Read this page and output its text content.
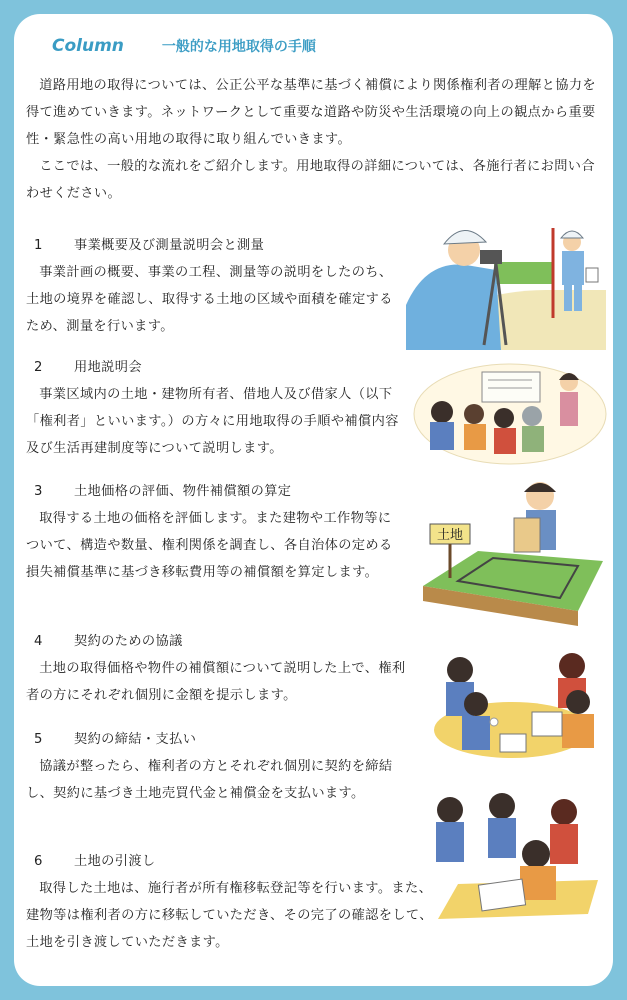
Column	一般的な用地取得の手順

道路用地の取得については、公正公平な基準に基づく補償により関係権利者の理解と協力を得て進めていきます。ネットワークとして重要な道路や防災や生活環境の向上の観点から重要性・緊急性の高い用地の取得に取り組んでいきます。

ここでは、一般的な流れをご紹介します。用地取得の詳細については、各施行者にお問い合わせください。

1 事業概要及び測量説明会と測量

事業計画の概要、事業の工程、測量等の説明をしたのち、土地の境界を確認し、取得する土地の区域や面積を確定するため、測量を行います。

2 用地説明会

事業区域内の土地・建物所有者、借地人及び借家人（以下「権利者」といいます。）の方々に用地取得の手順や補償内容及び生活再建制度等について説明します。

3 土地価格の評価、物件補償額の算定

取得する土地の価格を評価します。また建物や工作物等について、構造や数量、権利関係を調査し、各自治体の定める損失補償基準に基づき移転費用等の補償額を算定します。

4 契約のための協議

土地の取得価格や物件の補償額について説明した上で、権利者の方にそれぞれ個別に金額を提示します。

5 契約の締結・支払い

協議が整ったら、権利者の方とそれぞれ個別に契約を締結し、契約に基づき土地売買代金と補償金を支払います。

6 土地の引渡し

取得した土地は、施行者が所有権移転登記等を行います。また、建物等は権利者の方に移転していただき、その完了の確認をして、土地を引き渡していただきます。

土地
